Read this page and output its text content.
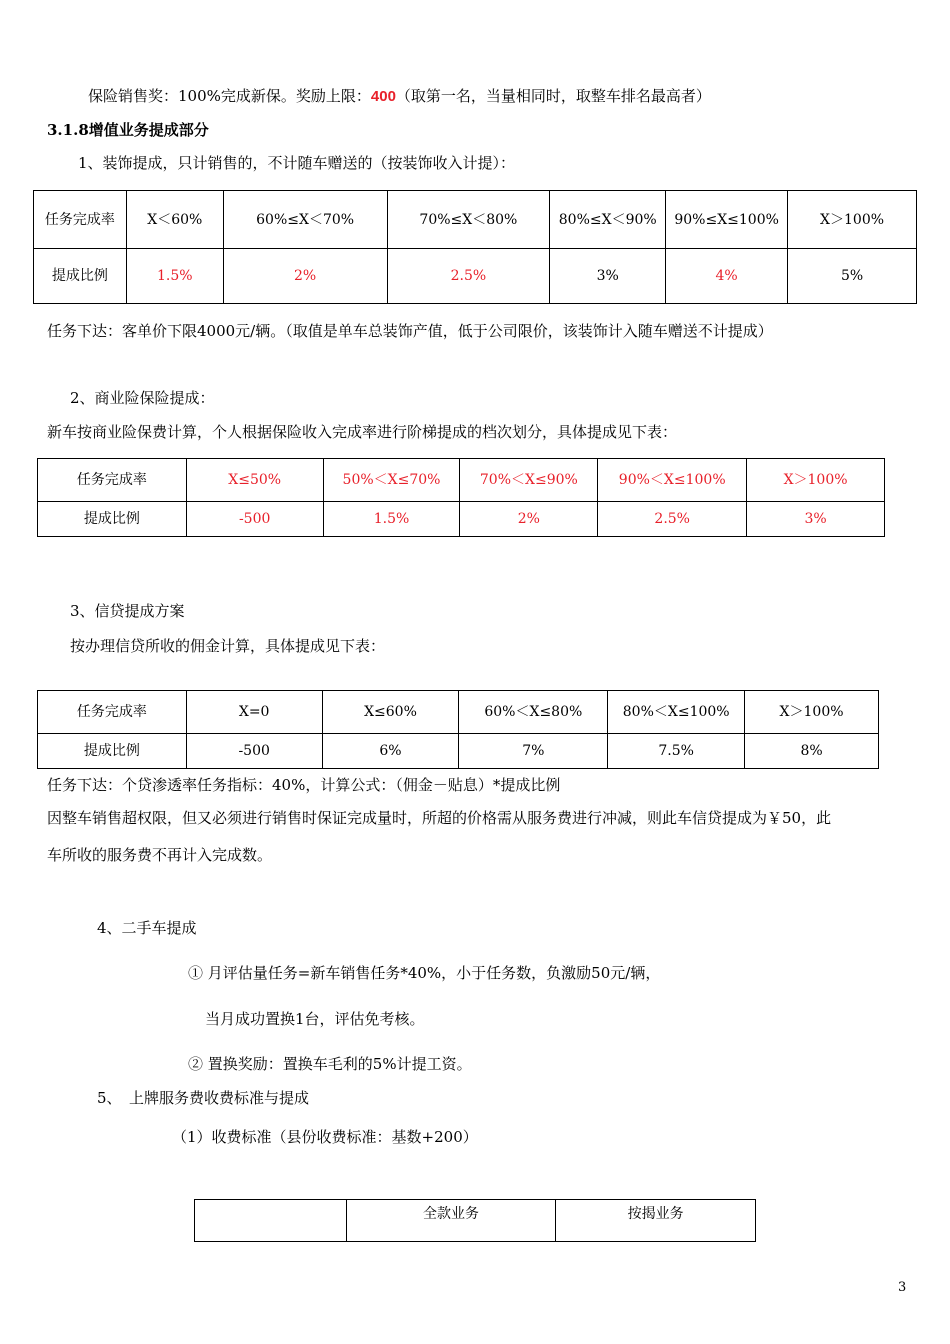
保险销售奖：100%完成新保。奖励上限：400（取第一名，当量相同时，取整车排名最高者）
3.1.8增值业务提成部分
1、装饰提成，只计销售的，不计随车赠送的（按装饰收入计提）：
任务完成率	X＜60%	60%≤X＜70%	70%≤X＜80%	80%≤X＜90%	90%≤X≤100%	X＞100%
提成比例	1.5%	2%	2.5%	3%	4%	5%
任务下达：客单价下限4000元/辆。（取值是单车总装饰产值，低于公司限价，该装饰计入随车赠送不计提成）
2、商业险保险提成：
新车按商业险保费计算，个人根据保险收入完成率进行阶梯提成的档次划分，具体提成见下表：
任务完成率	X≤50%	50%＜X≤70%	70%＜X≤90%	90%＜X≤100%	X＞100%
提成比例	-500	1.5%	2%	2.5%	3%
3、信贷提成方案
按办理信贷所收的佣金计算，具体提成见下表：
任务完成率	X=0	X≤60%	60%＜X≤80%	80%＜X≤100%	X＞100%
提成比例	-500	6%	7%	7.5%	8%
任务下达：个贷渗透率任务指标：40%，计算公式：（佣金－贴息）*提成比例
因整车销售超权限，但又必须进行销售时保证完成量时，所超的价格需从服务费进行冲减，则此车信贷提成为￥50，此
车所收的服务费不再计入完成数。
4、二手车提成
① 月评估量任务=新车销售任务*40%，小于任务数，负激励50元/辆，
当月成功置换1台，评估免考核。
② 置换奖励：置换车毛利的5%计提工资。
5、　上牌服务费收费标准与提成
（1）收费标准（县份收费标准：基数+200）
	全款业务	按揭业务
3
